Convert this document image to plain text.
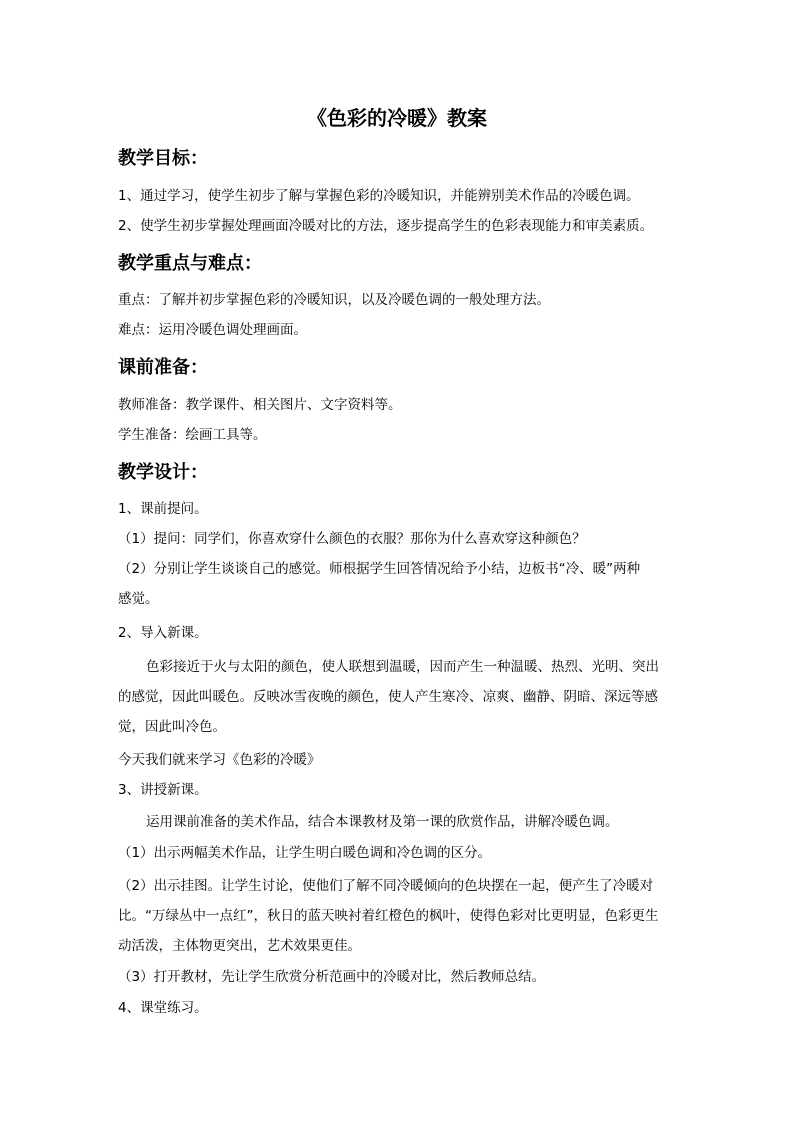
《色彩的冷暖》教案
教学目标：
1、通过学习，使学生初步了解与掌握色彩的冷暖知识，并能辨别美术作品的冷暖色调。
2、使学生初步掌握处理画面冷暖对比的方法，逐步提高学生的色彩表现能力和审美素质。
教学重点与难点：
重点：了解并初步掌握色彩的冷暖知识，以及冷暖色调的一般处理方法。
难点：运用冷暖色调处理画面。
课前准备：
教师准备：教学课件、相关图片、文字资料等。
学生准备：绘画工具等。
教学设计：
1、课前提问。
（1）提问：同学们，你喜欢穿什么颜色的衣服？那你为什么喜欢穿这种颜色？
（2）分别让学生谈谈自己的感觉。师根据学生回答情况给予小结，边板书“冷、暖”两种
感觉。
2、导入新课。
色彩接近于火与太阳的颜色，使人联想到温暖，因而产生一种温暖、热烈、光明、突出
的感觉，因此叫暖色。反映冰雪夜晚的颜色，使人产生寒冷、凉爽、幽静、阴暗、深远等感
觉，因此叫冷色。
今天我们就来学习《色彩的冷暖》
3、讲授新课。
运用课前准备的美术作品，结合本课教材及第一课的欣赏作品，讲解冷暖色调。
（1）出示两幅美术作品，让学生明白暖色调和冷色调的区分。
（2）出示挂图。让学生讨论，使他们了解不同冷暖倾向的色块摆在一起，便产生了冷暖对
比。“万绿丛中一点红”，秋日的蓝天映衬着红橙色的枫叶，使得色彩对比更明显，色彩更生
动活泼，主体物更突出，艺术效果更佳。
（3）打开教材，先让学生欣赏分析范画中的冷暖对比，然后教师总结。
4、课堂练习。
